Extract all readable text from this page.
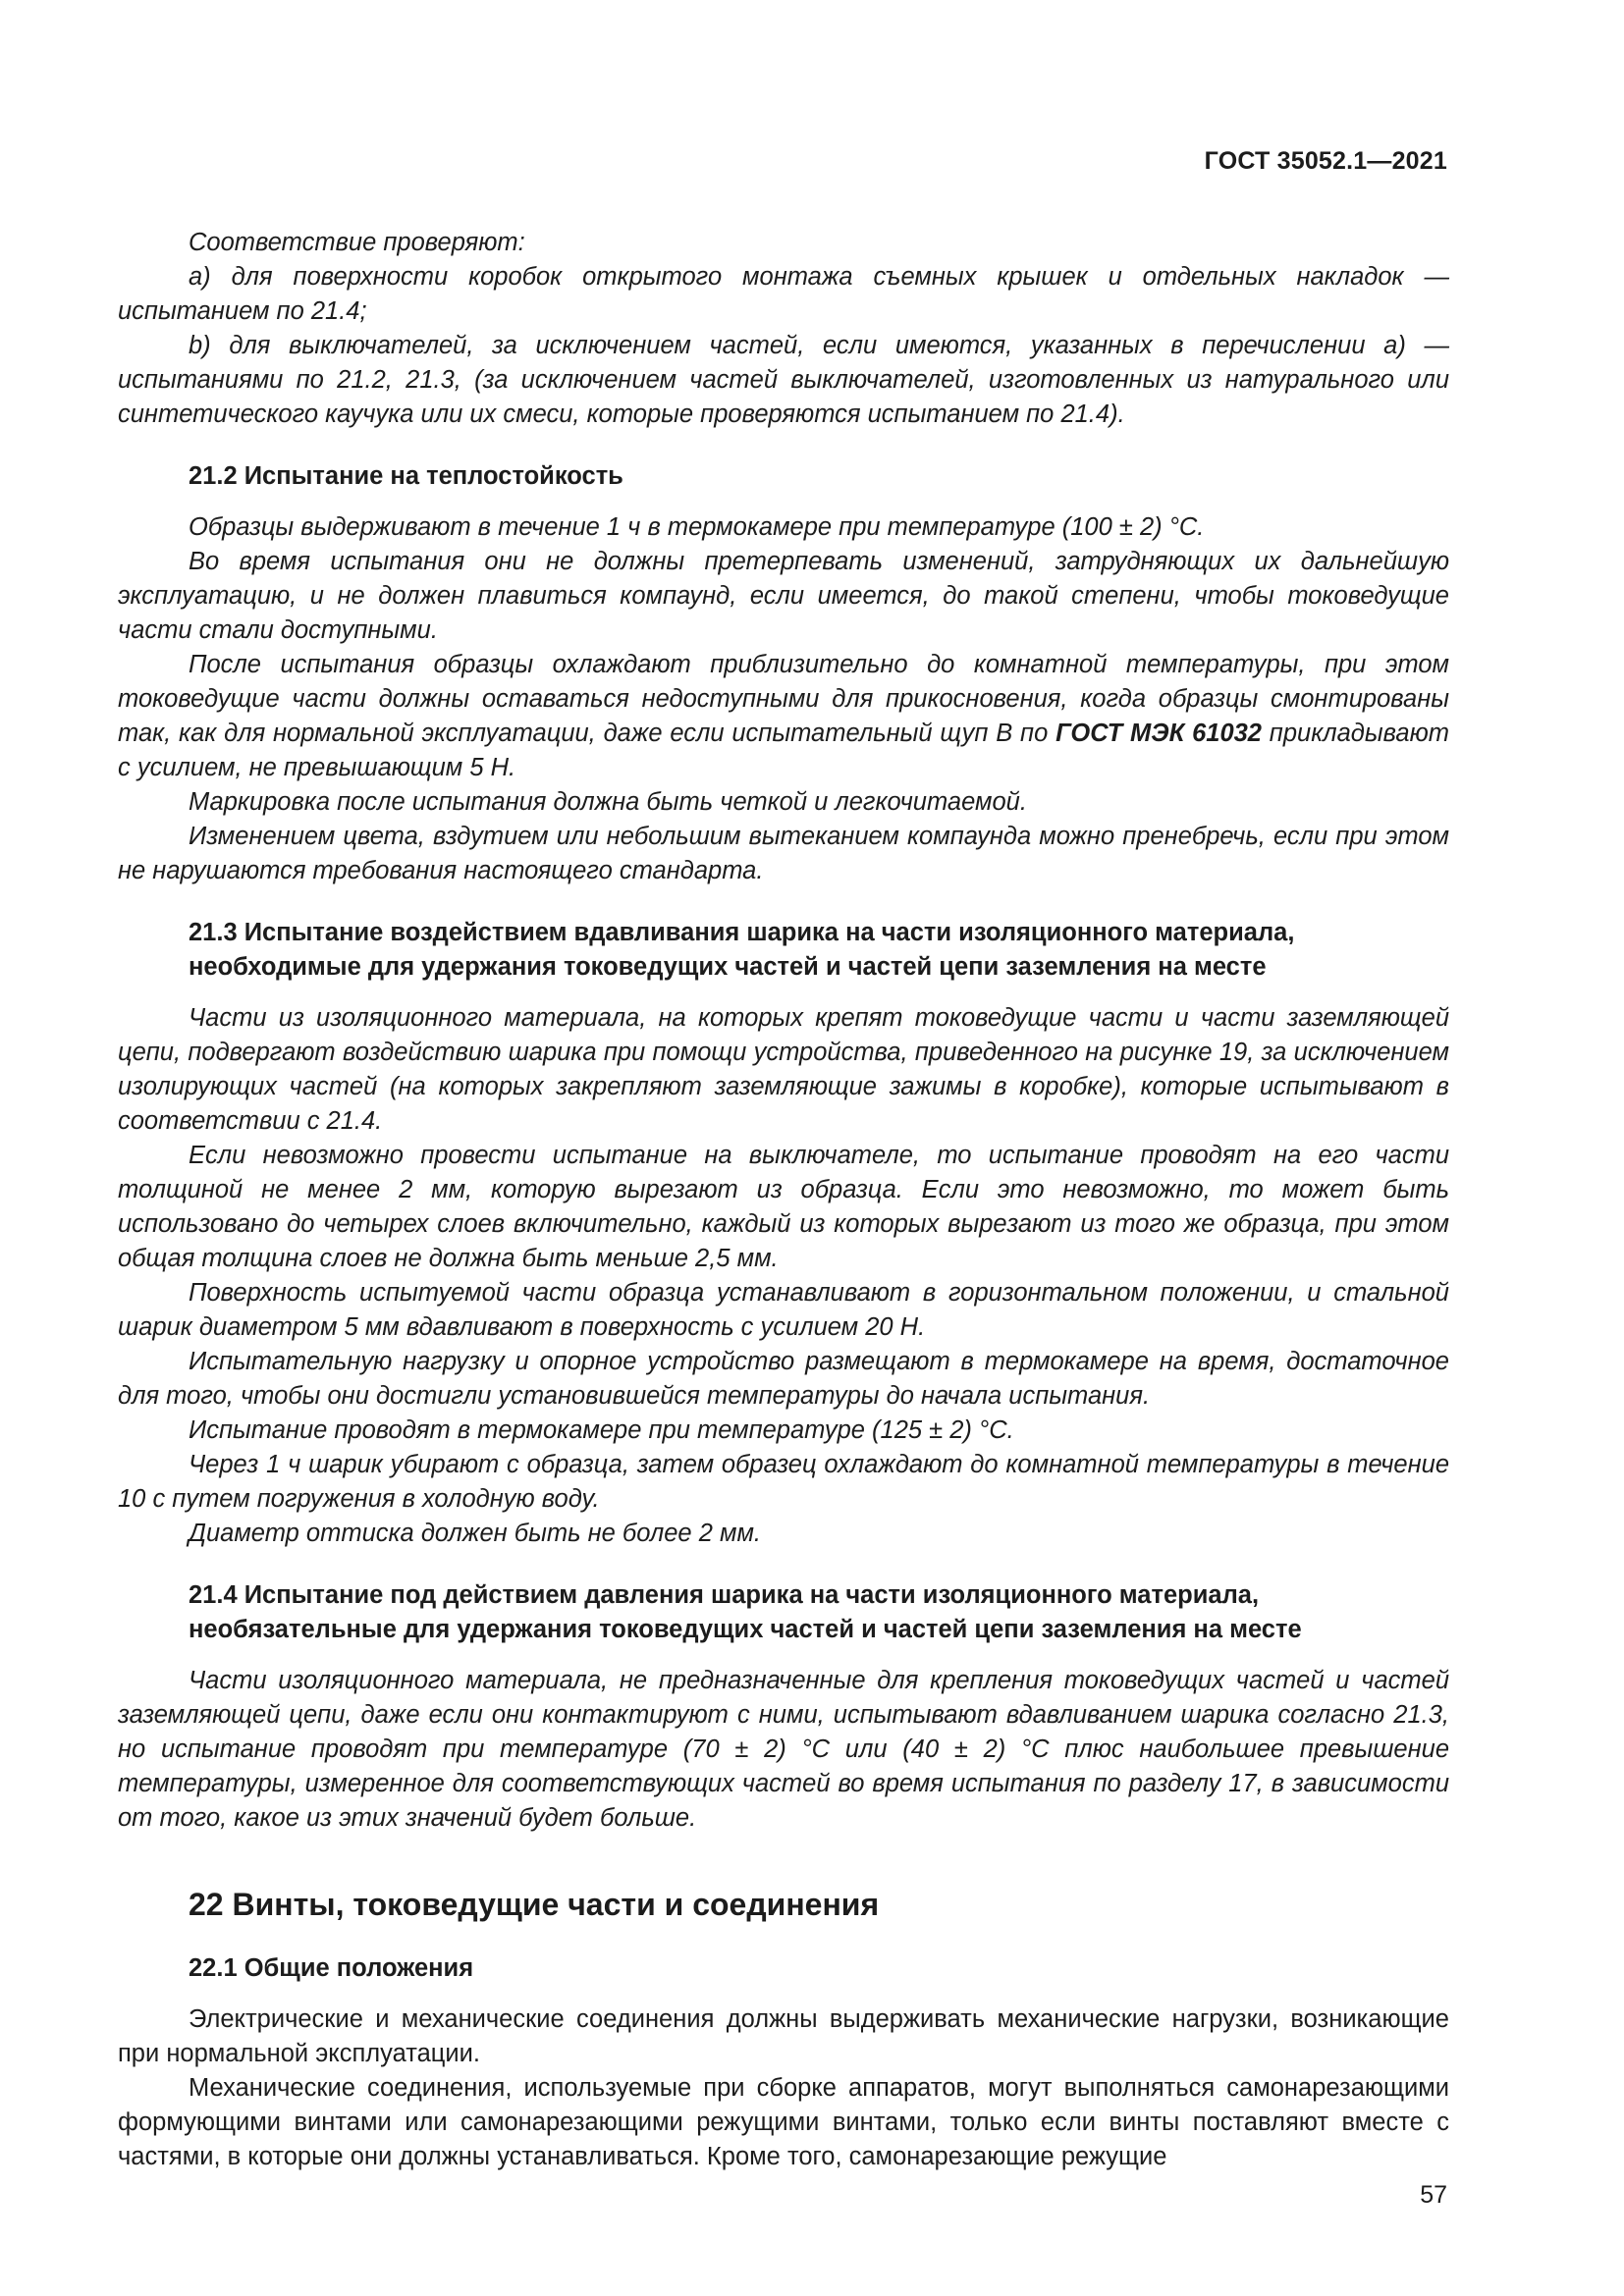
ГОСТ 35052.1—2021

Соответствие проверяют:

a) для поверхности коробок открытого монтажа съемных крышек и отдельных накладок — испытанием по 21.4;

b) для выключателей, за исключением частей, если имеются, указанных в перечислении a) — испытаниями по 21.2, 21.3, (за исключением частей выключателей, изготовленных из натурального или синтетического каучука или их смеси, которые проверяются испытанием по 21.4).

21.2 Испытание на теплостойкость

Образцы выдерживают в течение 1 ч в термокамере при температуре (100 ± 2) °С.

Во время испытания они не должны претерпевать изменений, затрудняющих их дальнейшую эксплуатацию, и не должен плавиться компаунд, если имеется, до такой степени, чтобы токоведущие части стали доступными.

После испытания образцы охлаждают приблизительно до комнатной температуры, при этом токоведущие части должны оставаться недоступными для прикосновения, когда образцы смонтированы так, как для нормальной эксплуатации, даже если испытательный щуп В по ГОСТ МЭК 61032 прикладывают с усилием, не превышающим 5 Н.

Маркировка после испытания должна быть четкой и легкочитаемой.

Изменением цвета, вздутием или небольшим вытеканием компаунда можно пренебречь, если при этом не нарушаются требования настоящего стандарта.

21.3 Испытание воздействием вдавливания шарика на части изоляционного материала,
необходимые для удержания токоведущих частей и частей цепи заземления на месте

Части из изоляционного материала, на которых крепят токоведущие части и части заземляющей цепи, подвергают воздействию шарика при помощи устройства, приведенного на рисунке 19, за исключением изолирующих частей (на которых закрепляют заземляющие зажимы в коробке), которые испытывают в соответствии с 21.4.

Если невозможно провести испытание на выключателе, то испытание проводят на его части толщиной не менее 2 мм, которую вырезают из образца. Если это невозможно, то может быть использовано до четырех слоев включительно, каждый из которых вырезают из того же образца, при этом общая толщина слоев не должна быть меньше 2,5 мм.

Поверхность испытуемой части образца устанавливают в горизонтальном положении, и стальной шарик диаметром 5 мм вдавливают в поверхность с усилием 20 Н.

Испытательную нагрузку и опорное устройство размещают в термокамере на время, достаточное для того, чтобы они достигли установившейся температуры до начала испытания.

Испытание проводят в термокамере при температуре (125 ± 2) °С.

Через 1 ч шарик убирают с образца, затем образец охлаждают до комнатной температуры в течение 10 с путем погружения в холодную воду.

Диаметр оттиска должен быть не более 2 мм.

21.4 Испытание под действием давления шарика на части изоляционного материала,
необязательные для удержания токоведущих частей и частей цепи заземления на месте

Части изоляционного материала, не предназначенные для крепления токоведущих частей и частей заземляющей цепи, даже если они контактируют с ними, испытывают вдавливанием шарика согласно 21.3, но испытание проводят при температуре (70 ± 2) °С или (40 ± 2) °С плюс наибольшее превышение температуры, измеренное для соответствующих частей во время испытания по разделу 17, в зависимости от того, какое из этих значений будет больше.

22 Винты, токоведущие части и соединения
22.1 Общие положения

Электрические и механические соединения должны выдерживать механические нагрузки, возникающие при нормальной эксплуатации.

Механические соединения, используемые при сборке аппаратов, могут выполняться самонарезающими формующими винтами или самонарезающими режущими винтами, только если винты поставляют вместе с частями, в которые они должны устанавливаться. Кроме того, самонарезающие режущие

57
